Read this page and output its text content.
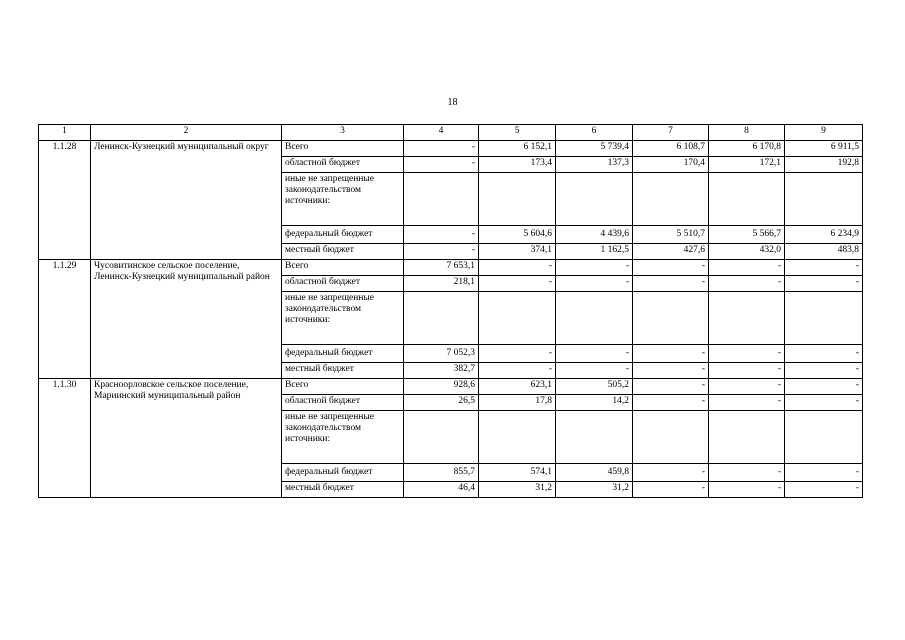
18
1	2	3	4	5	6	7	8	9
1.1.28	Ленинск-Кузнецкий муниципальный округ	Всего	-	6 152,1	5 739,4	6 108,7	6 170,8	6 911,5
		областной бюджет	-	173,4	137,3	170,4	172,1	192,8
		иные не запрещенные законодательством источники:						
		федеральный бюджет	-	5 604,6	4 439,6	5 510,7	5 566,7	6 234,9
		местный бюджет	-	374,1	1 162,5	427,6	432,0	483,8
1.1.29	Чусовитинское сельское поселение, Ленинск-Кузнецкий муниципальный район	Всего	7 653,1	-	-	-	-	-
		областной бюджет	218,1	-	-	-	-	-
		иные не запрещенные законодательством источники:						
		федеральный бюджет	7 052,3	-	-	-	-	-
		местный бюджет	382,7	-	-	-	-	-
1.1.30	Красноорловское сельское поселение, Мариинский муниципальный район	Всего	928,6	623,1	505,2	-	-	-
		областной бюджет	26,5	17,8	14,2	-	-	-
		иные не запрещенные законодательством источники:						
		федеральный бюджет	855,7	574,1	459,8	-	-	-
		местный бюджет	46,4	31,2	31,2	-	-	-
